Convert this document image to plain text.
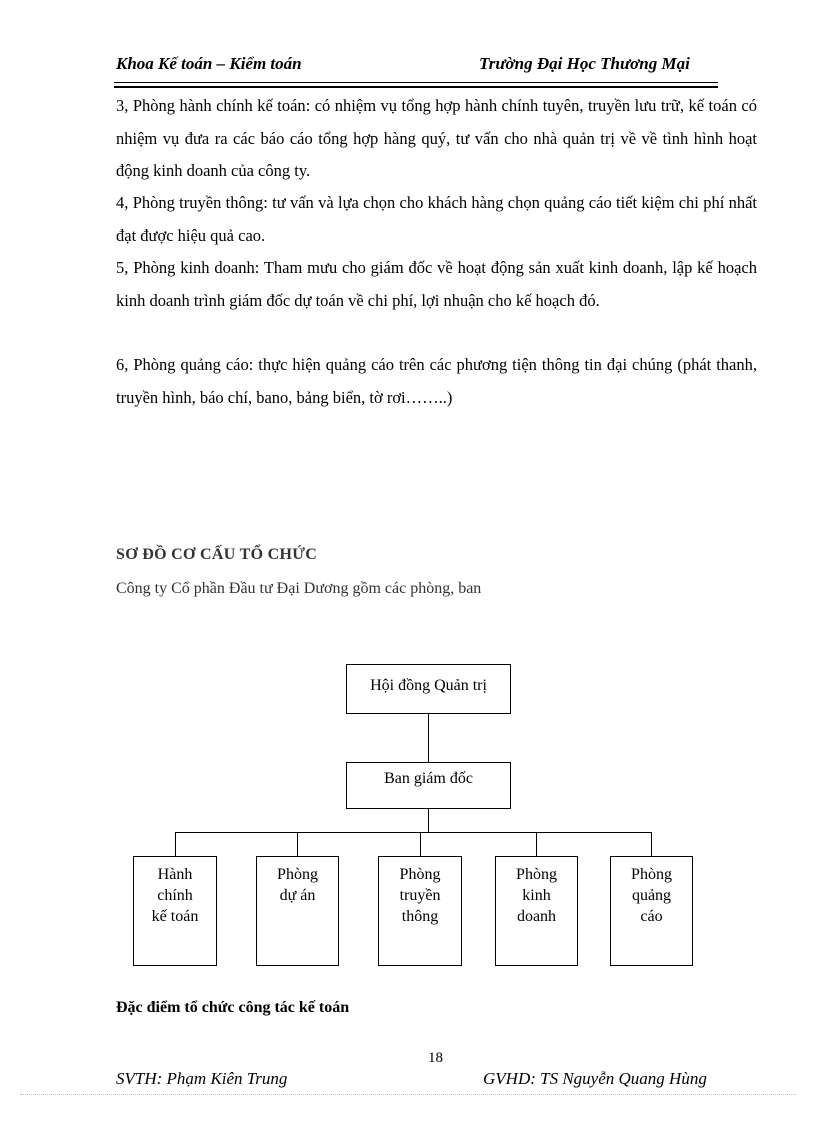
Khoa Kế toán – Kiểm toán	Trường Đại Học Thương Mại
3, Phòng hành chính kế toán: có nhiệm vụ tổng hợp hành chính tuyên, truyền lưu trữ, kế toán có nhiệm vụ đưa ra các báo cáo tổng hợp hàng quý, tư vấn cho nhà quản trị về về tình hình hoạt động kinh doanh của công ty.
4, Phòng truyền thông: tư vấn và lựa chọn cho khách hàng chọn quảng cáo tiết kiệm chi phí nhất đạt được hiệu quả cao.
5, Phòng kinh doanh: Tham mưu cho giám đốc về hoạt động sản xuất kinh doanh, lập kế hoạch kinh doanh trình giám đốc dự toán về chi phí, lợi nhuận cho kế hoạch đó.
6, Phòng quảng cáo: thực hiện quảng cáo trên các phương tiện thông tin đại chúng (phát thanh, truyền hình, báo chí, bano, bảng biển, tờ rơi……..)
SƠ ĐỒ CƠ CẤU TỔ CHỨC
Công ty Cổ phần Đầu tư Đại Dương gồm các phòng, ban
Hội đồng Quản trị
Ban giám đốc
Hành
chính
kế toán
Phòng
dự án
Phòng
truyền
thông
Phòng
kinh
doanh
Phòng
quảng
cáo
Đặc điểm tổ chức công tác kế toán
18
SVTH: Phạm Kiên Trung	GVHD: TS Nguyễn Quang Hùng
